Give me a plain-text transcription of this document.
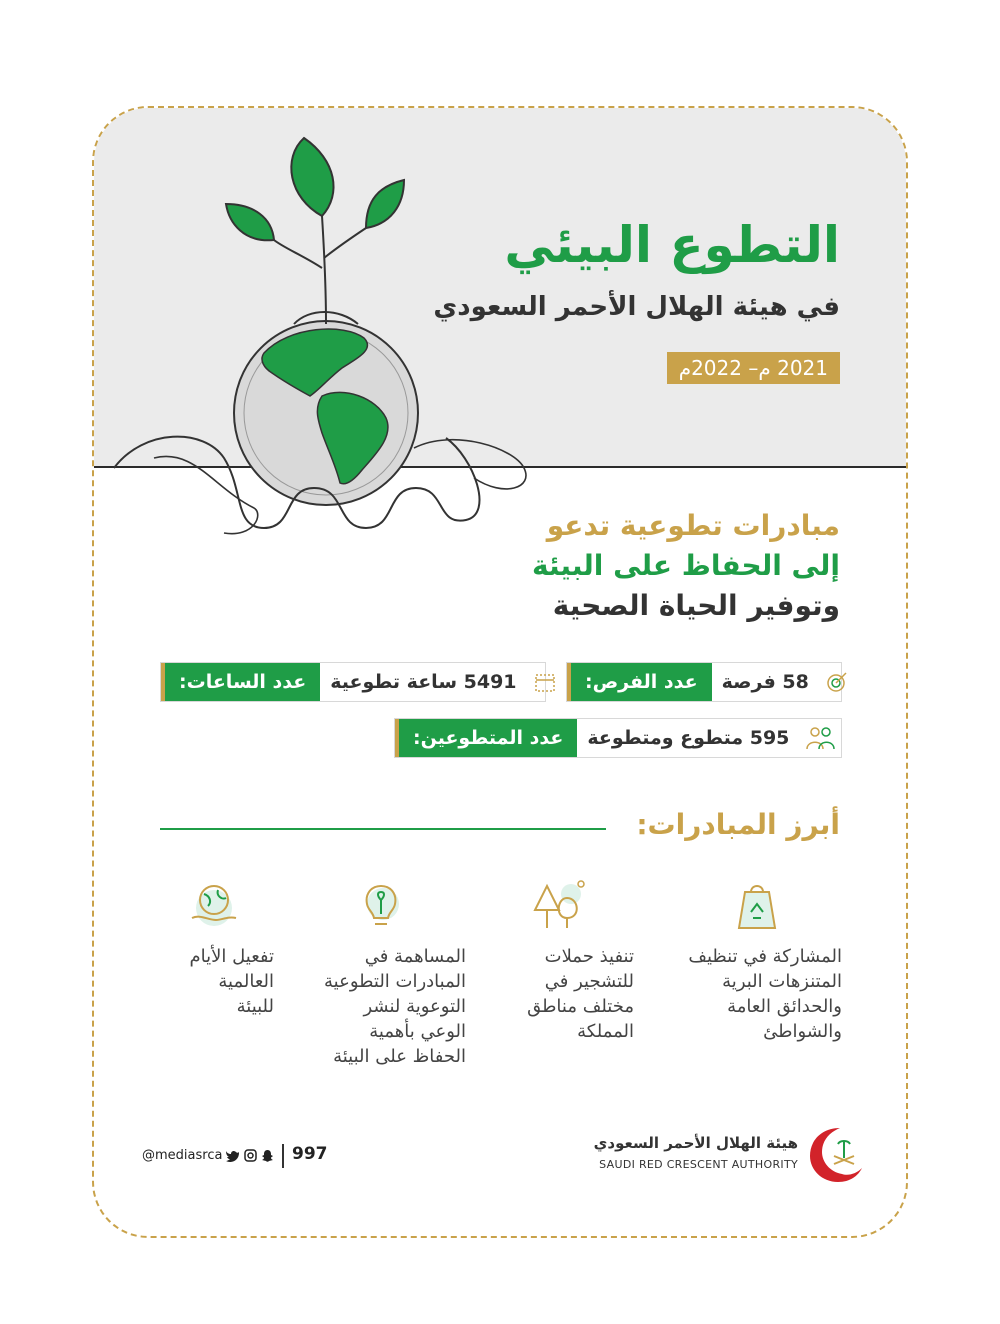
التطوع البيئي
في هيئة الهلال الأحمر السعودي
2021 م– 2022م

مبادرات تطوعية تدعو
إلى الحفاظ على البيئة
وتوفير الحياة الصحية

عدد الفرص:	58 فرصة
عدد الساعات:	5491 ساعة تطوعية
عدد المتطوعين:	595 متطوع ومتطوعة
أبرز المبادرات:
المشاركة في تنظيف
المتنزهات البرية
والحدائق العامة
والشواطئ
تنفيذ حملات
للتشجير في
مختلف مناطق
المملكة
المساهمة في
المبادرات التطوعية
التوعوية لنشر
الوعي بأهمية
الحفاظ على البيئة
تفعيل الأيام
العالمية
للبيئة
هيئة الهلال الأحمر السعودي
SAUDI RED CRESCENT AUTHORITY
997
@mediasrca
